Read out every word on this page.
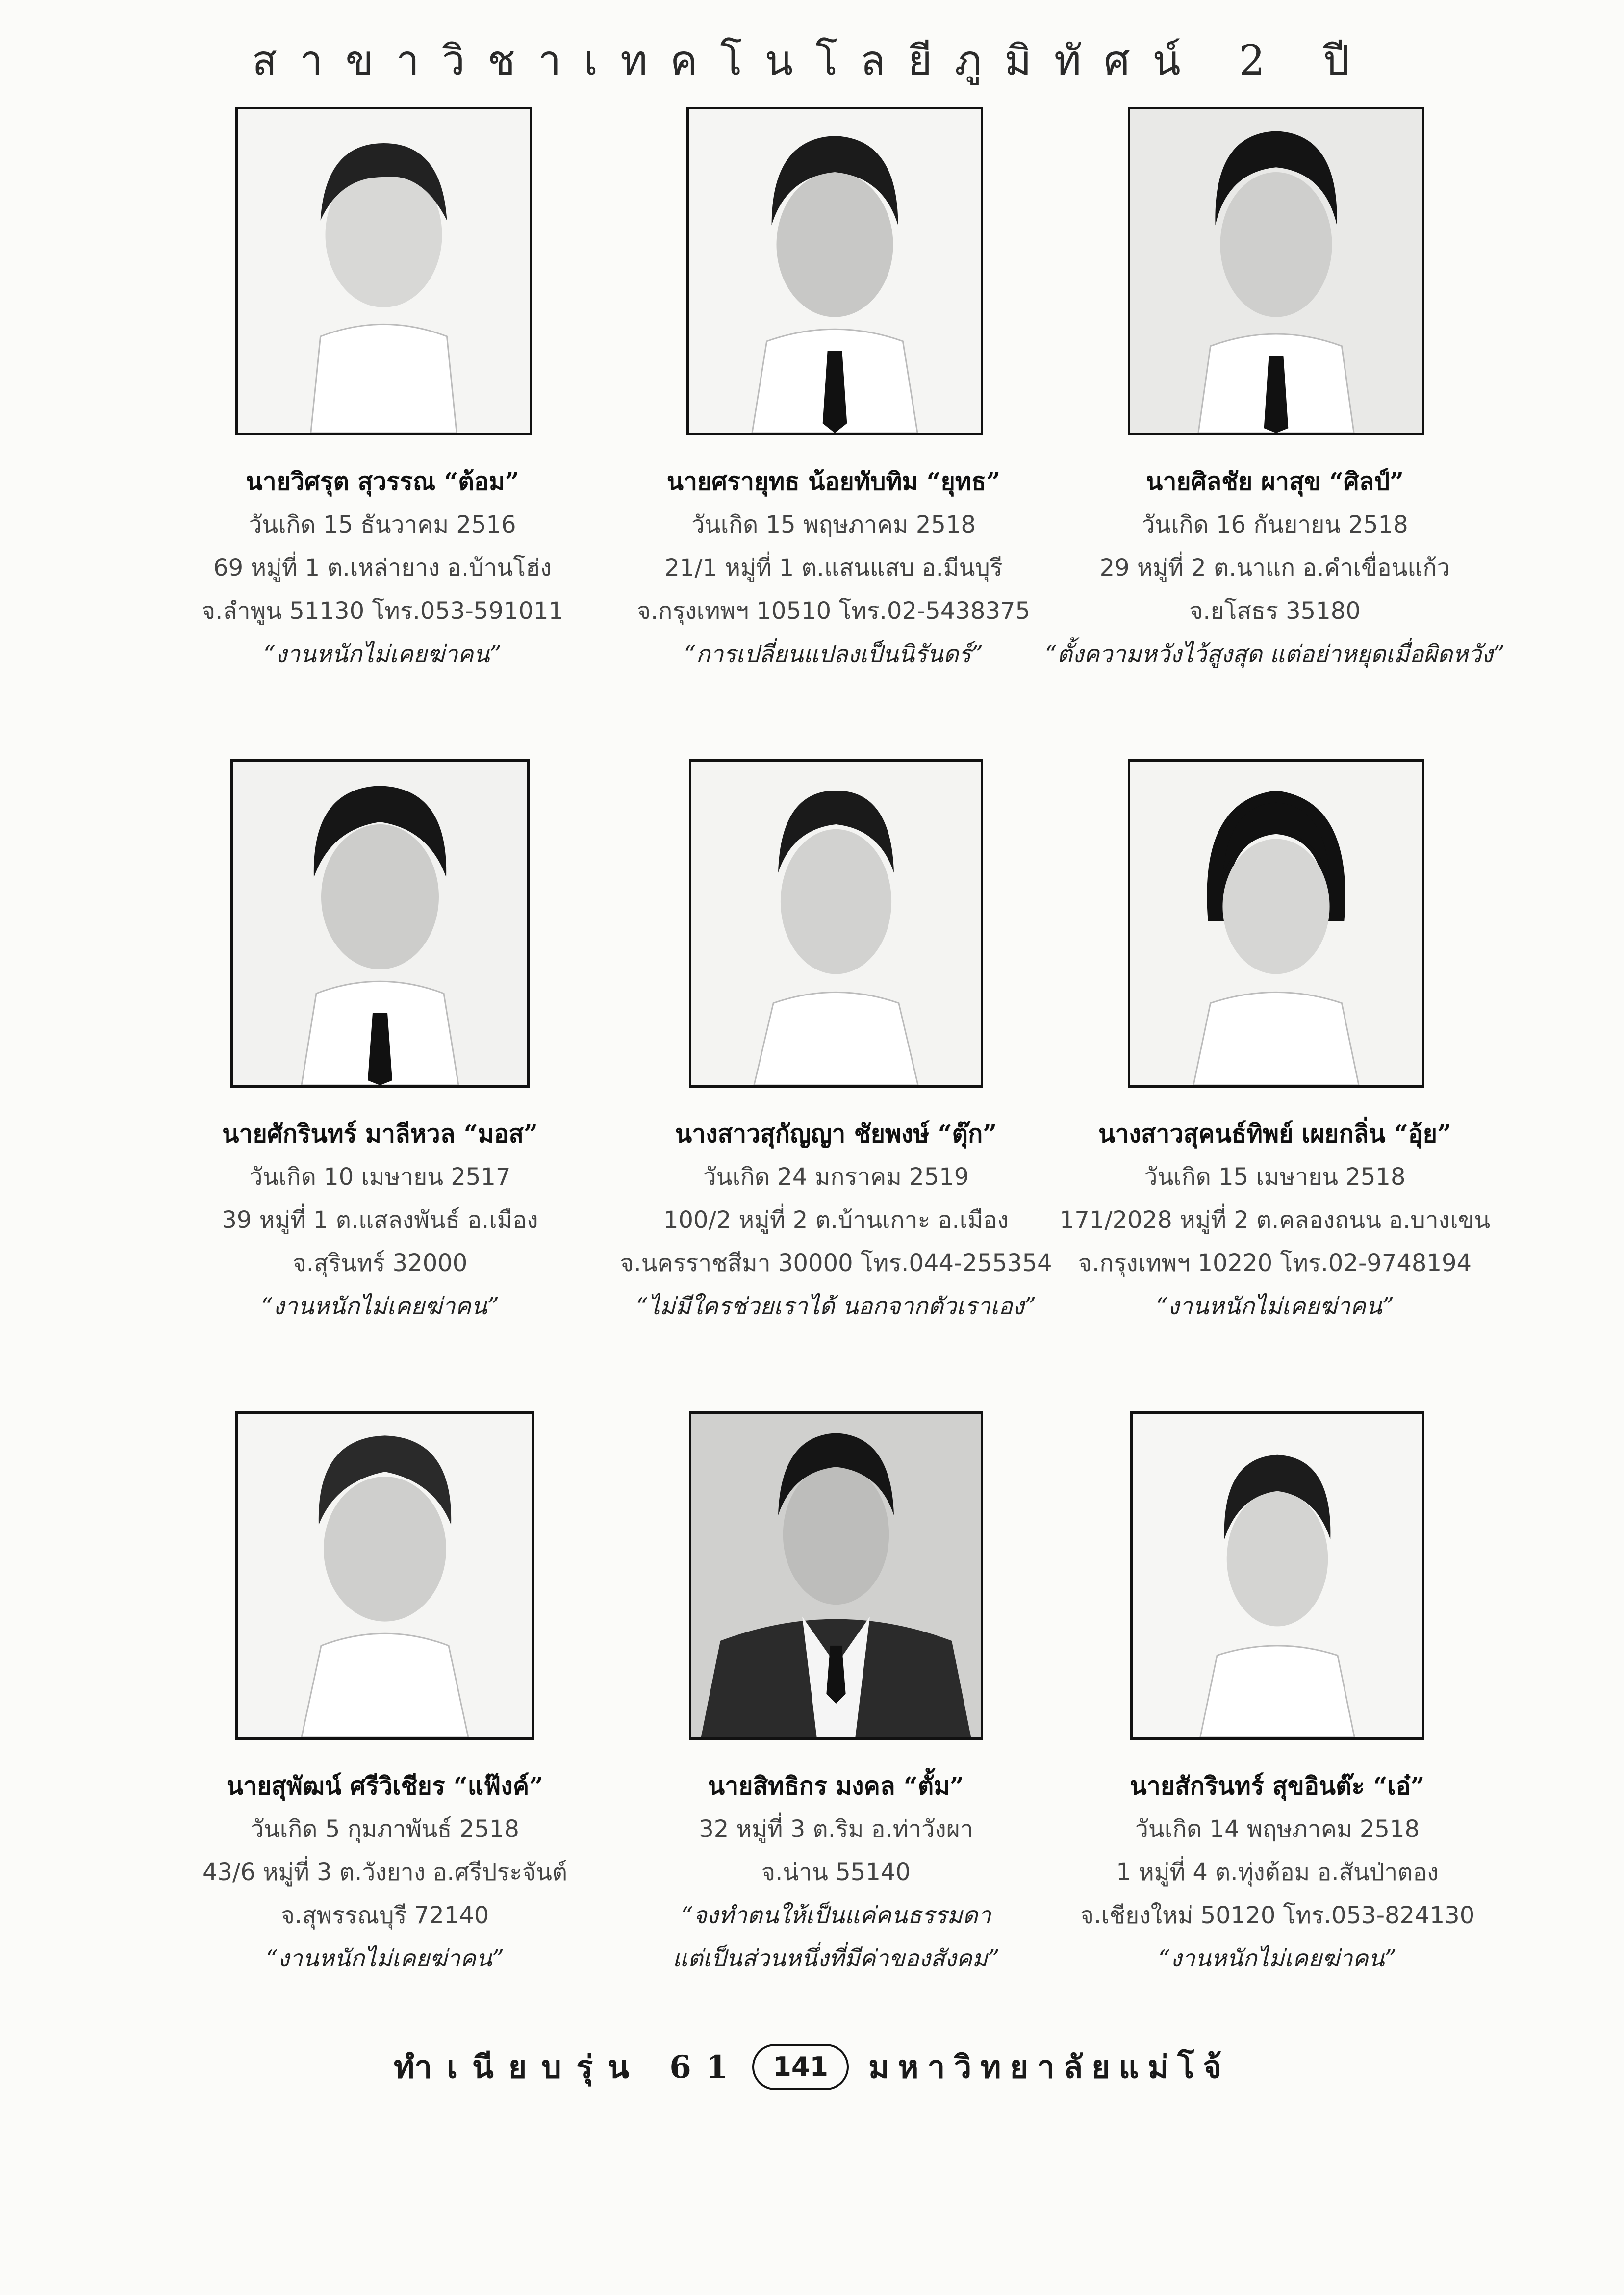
สาขาวิชาเทคโนโลยีภูมิทัศน์ 2 ปี
นายวิศรุต สุวรรณ “ต้อม”
วันเกิด 15 ธันวาคม 2516
69 หมู่ที่ 1 ต.เหล่ายาง อ.บ้านโฮ่ง
จ.ลำพูน 51130 โทร.053-591011
“งานหนักไม่เคยฆ่าคน”
นายศรายุทธ น้อยทับทิม “ยุทธ”
วันเกิด 15 พฤษภาคม 2518
21/1 หมู่ที่ 1 ต.แสนแสบ อ.มีนบุรี
จ.กรุงเทพฯ 10510 โทร.02-5438375
“การเปลี่ยนแปลงเป็นนิรันดร์”
นายศิลชัย ผาสุข “ศิลป์”
วันเกิด 16 กันยายน 2518
29 หมู่ที่ 2 ต.นาแก อ.คำเขื่อนแก้ว
จ.ยโสธร 35180
“ตั้งความหวังไว้สูงสุด แต่อย่าหยุดเมื่อผิดหวัง”
นายศักรินทร์ มาลีหวล “มอส”
วันเกิด 10 เมษายน 2517
39 หมู่ที่ 1 ต.แสลงพันธ์ อ.เมือง
จ.สุรินทร์ 32000
“งานหนักไม่เคยฆ่าคน”
นางสาวสุกัญญา ชัยพงษ์ “ตุ๊ก”
วันเกิด 24 มกราคม 2519
100/2 หมู่ที่ 2 ต.บ้านเกาะ อ.เมือง
จ.นครราชสีมา 30000 โทร.044-255354
“ไม่มีใครช่วยเราได้ นอกจากตัวเราเอง”
นางสาวสุคนธ์ทิพย์ เผยกลิ่น “อุ้ย”
วันเกิด 15 เมษายน 2518
171/2028 หมู่ที่ 2 ต.คลองถนน อ.บางเขน
จ.กรุงเทพฯ 10220 โทร.02-9748194
“งานหนักไม่เคยฆ่าคน”
นายสุพัฒน์ ศรีวิเชียร “แฟ๊งค์”
วันเกิด 5 กุมภาพันธ์ 2518
43/6 หมู่ที่ 3 ต.วังยาง อ.ศรีประจันต์
จ.สุพรรณบุรี 72140
“งานหนักไม่เคยฆ่าคน”
นายสิทธิกร มงคล “ตั้ม”
32 หมู่ที่ 3 ต.ริม อ.ท่าวังผา
จ.น่าน 55140
“จงทำตนให้เป็นแค่คนธรรมดา
แต่เป็นส่วนหนึ่งที่มีค่าของสังคม”
นายสักรินทร์ สุขอินต๊ะ “เอ๋”
วันเกิด 14 พฤษภาคม 2518
1 หมู่ที่ 4 ต.ทุ่งต้อม อ.สันป่าตอง
จ.เชียงใหม่ 50120 โทร.053-824130
“งานหนักไม่เคยฆ่าคน”
ทำเนียบรุ่น 61	141	มหาวิทยาลัยแม่โจ้
